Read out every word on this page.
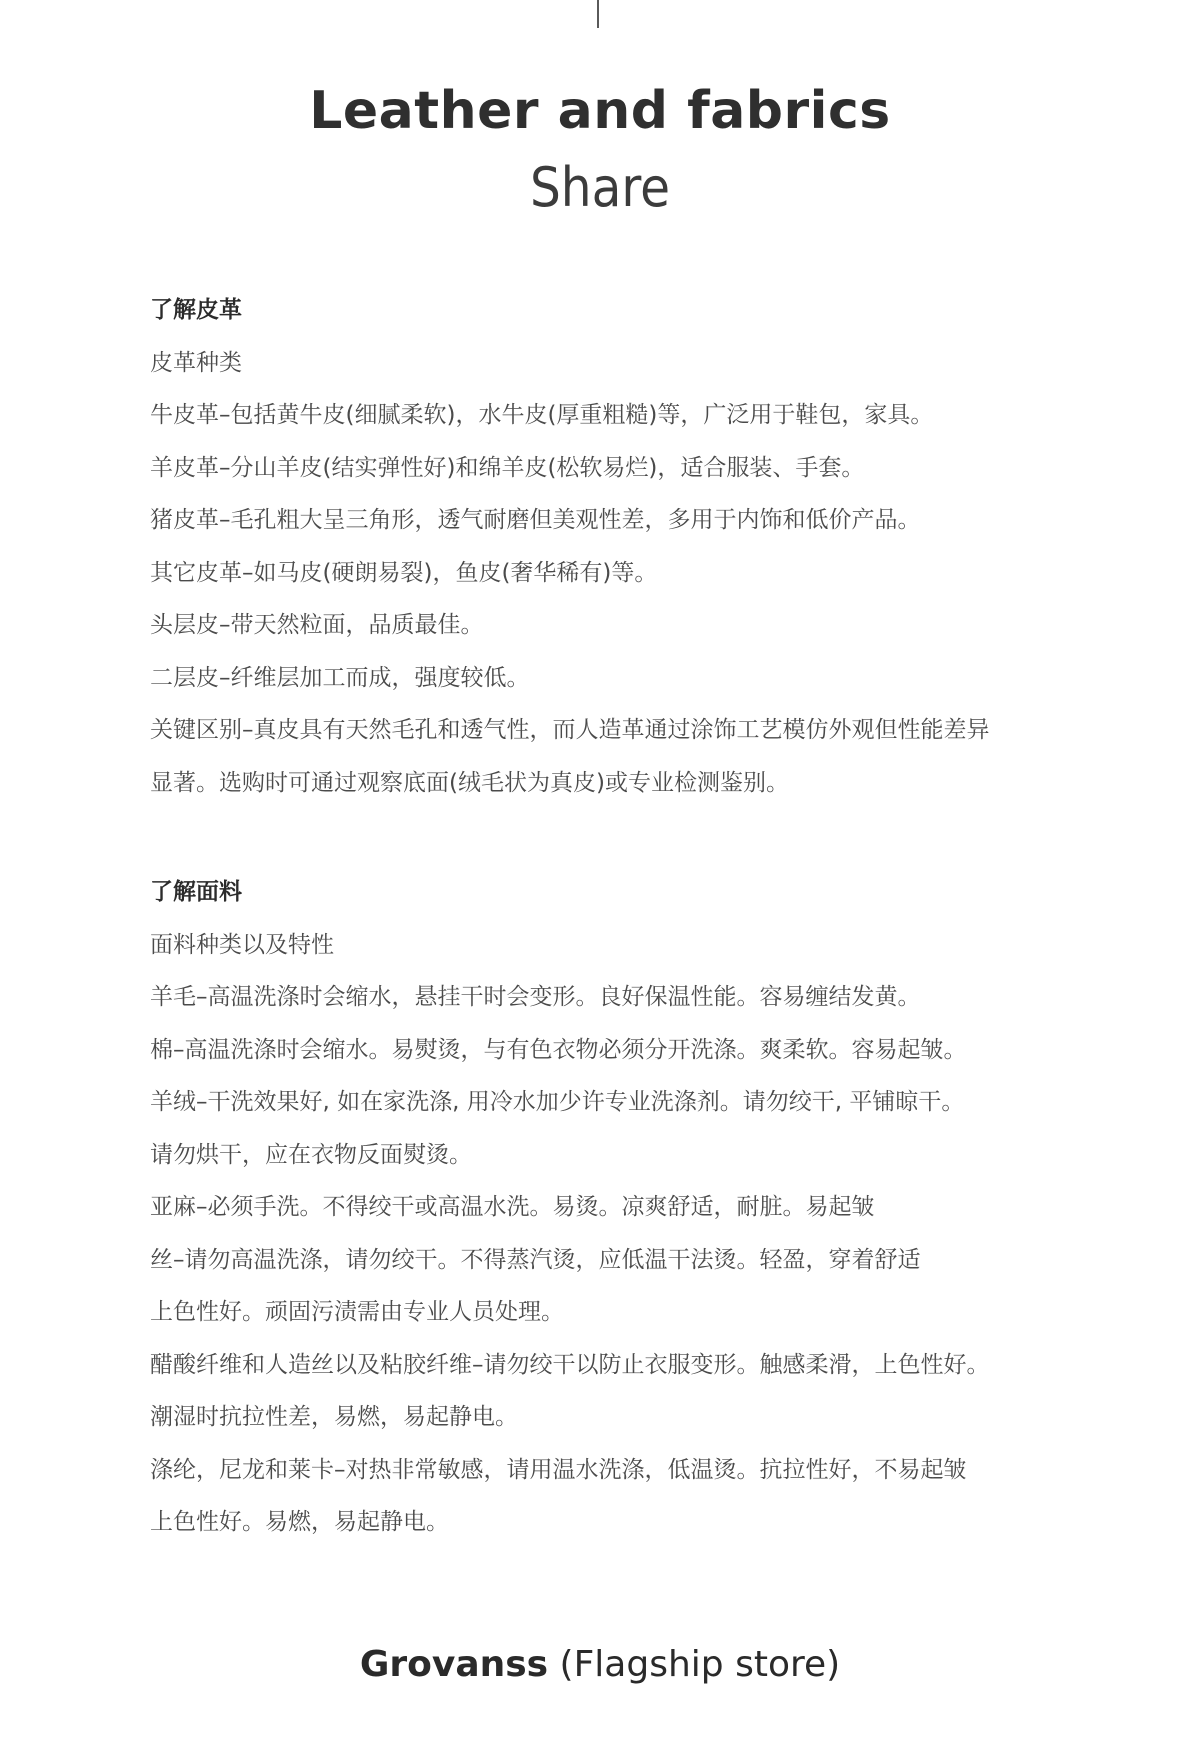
Leather and fabrics
Share
了解皮革
皮革种类
牛皮革–包括黄牛皮(细腻柔软)，水牛皮(厚重粗糙)等，广泛用于鞋包，家具。
羊皮革–分山羊皮(结实弹性好)和绵羊皮(松软易烂)，适合服装、手套。
猪皮革–毛孔粗大呈三角形，透气耐磨但美观性差，多用于内饰和低价产品。
其它皮革–如马皮(硬朗易裂)，鱼皮(奢华稀有)等。
头层皮–带天然粒面，品质最佳。
二层皮–纤维层加工而成，强度较低。
关键区别–真皮具有天然毛孔和透气性，而人造革通过涂饰工艺模仿外观但性能差异
显著。选购时可通过观察底面(绒毛状为真皮)或专业检测鉴别。
了解面料
面料种类以及特性
羊毛–高温洗涤时会缩水，悬挂干时会变形。良好保温性能。容易缠结发黄。
棉–高温洗涤时会缩水。易熨烫，与有色衣物必须分开洗涤。爽柔软。容易起皱。
羊绒–干洗效果好, 如在家洗涤, 用冷水加少许专业洗涤剂。请勿绞干, 平铺晾干。
请勿烘干，应在衣物反面熨烫。
亚麻–必须手洗。不得绞干或高温水洗。易烫。凉爽舒适，耐脏。易起皱
丝–请勿高温洗涤，请勿绞干。不得蒸汽烫，应低温干法烫。轻盈，穿着舒适
上色性好。顽固污渍需由专业人员处理。
醋酸纤维和人造丝以及粘胶纤维–请勿绞干以防止衣服变形。触感柔滑，上色性好。
潮湿时抗拉性差，易燃，易起静电。
涤纶，尼龙和莱卡–对热非常敏感，请用温水洗涤，低温烫。抗拉性好，不易起皱
上色性好。易燃，易起静电。
Grovanss (Flagship store)
